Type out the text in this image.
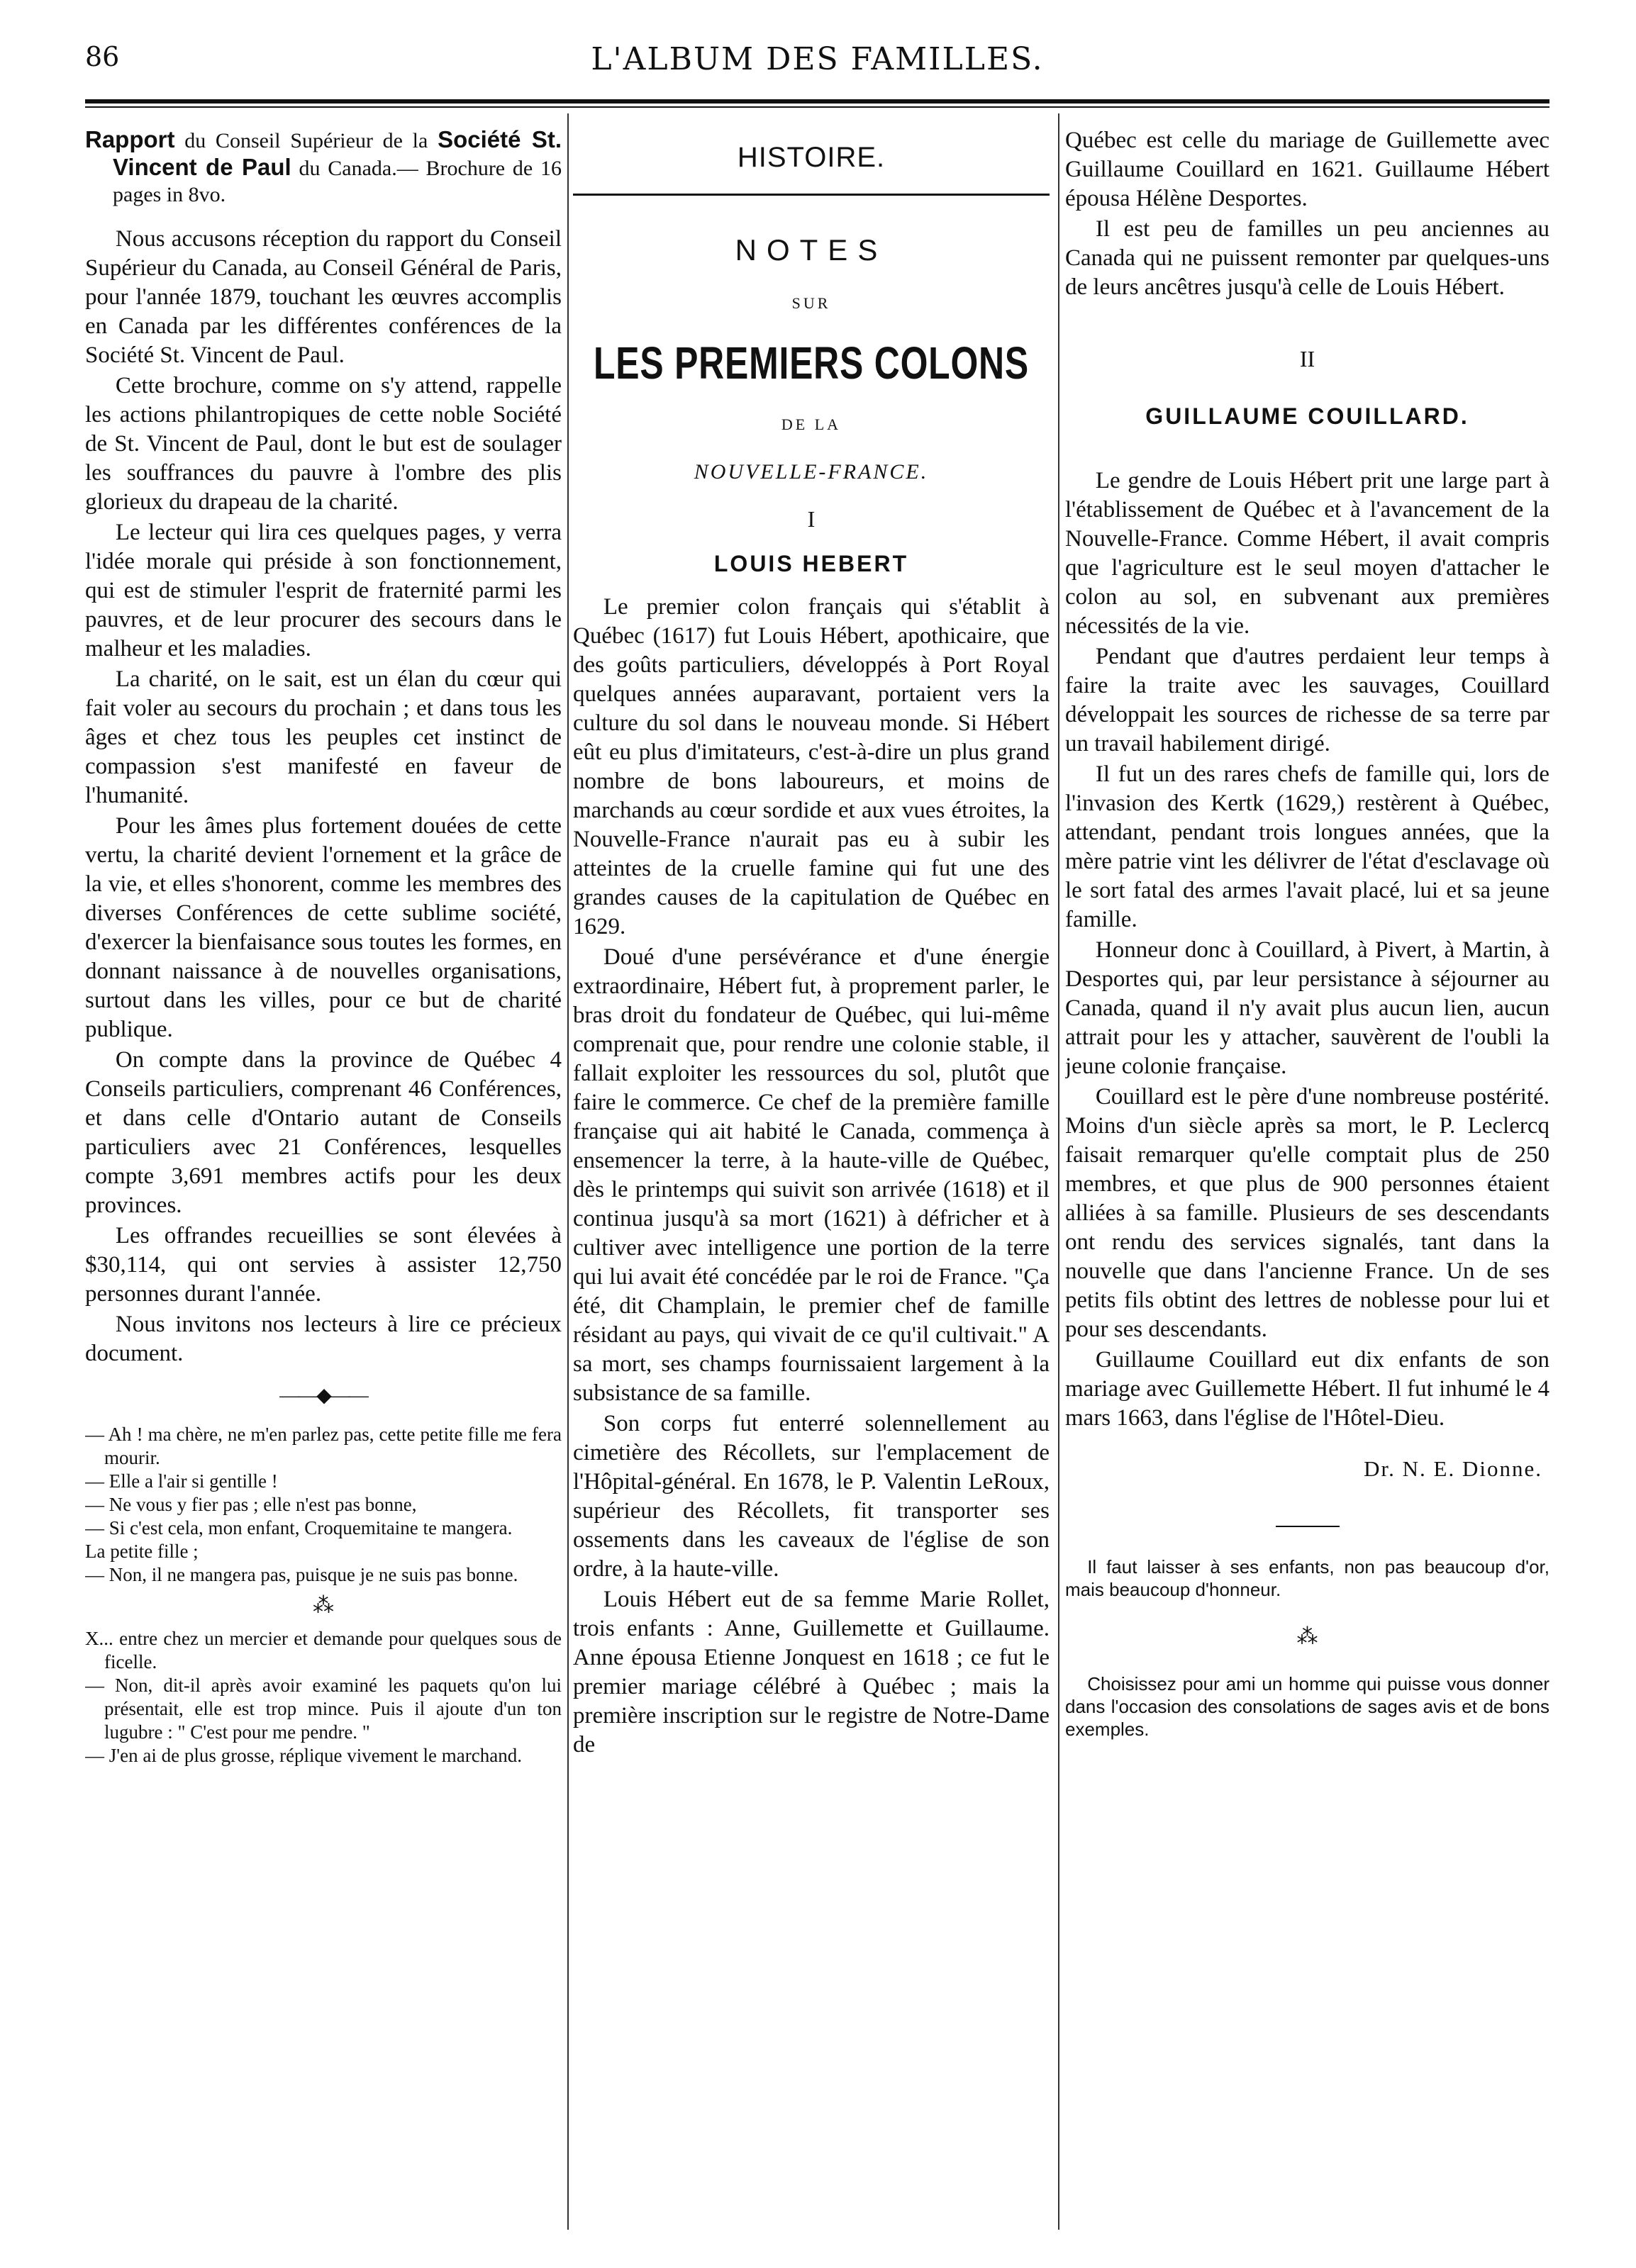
86	L'ALBUM DES FAMILLES.
Rapport du Conseil Supérieur de la Société St. Vincent de Paul du Canada.— Brochure de 16 pages in 8vo.

Nous accusons réception du rapport du Conseil Supérieur du Canada, au Conseil Général de Paris, pour l'année 1879, touchant les œuvres accomplis en Canada par les différentes conférences de la Société St. Vincent de Paul.

Cette brochure, comme on s'y attend, rappelle les actions philantropiques de cette noble Société de St. Vincent de Paul, dont le but est de soulager les souffrances du pauvre à l'ombre des plis glorieux du drapeau de la charité.

Le lecteur qui lira ces quelques pages, y verra l'idée morale qui préside à son fonctionnement, qui est de stimuler l'esprit de fraternité parmi les pauvres, et de leur procurer des secours dans le malheur et les maladies.

La charité, on le sait, est un élan du cœur qui fait voler au secours du prochain ; et dans tous les âges et chez tous les peuples cet instinct de compassion s'est manifesté en faveur de l'humanité.

Pour les âmes plus fortement douées de cette vertu, la charité devient l'ornement et la grâce de la vie, et elles s'honorent, comme les membres des diverses Conférences de cette sublime société, d'exercer la bienfaisance sous toutes les formes, en donnant naissance à de nouvelles organisations, surtout dans les villes, pour ce but de charité publique.

On compte dans la province de Québec 4 Conseils particuliers, comprenant 46 Conférences, et dans celle d'Ontario autant de Conseils particuliers avec 21 Conférences, lesquelles compte 3,691 membres actifs pour les deux provinces.

Les offrandes recueillies se sont élevées à $30,114, qui ont servies à assister 12,750 personnes durant l'année.

Nous invitons nos lecteurs à lire ce précieux document.

——◆——

— Ah ! ma chère, ne m'en parlez pas, cette petite fille me fera mourir.

— Elle a l'air si gentille !

— Ne vous y fier pas ; elle n'est pas bonne,

— Si c'est cela, mon enfant, Croquemitaine te mangera.

La petite fille ;

— Non, il ne mangera pas, puisque je ne suis pas bonne.

⁂

X... entre chez un mercier et demande pour quelques sous de ficelle.

— Non, dit-il après avoir examiné les paquets qu'on lui présentait, elle est trop mince. Puis il ajoute d'un ton lugubre : " C'est pour me pendre. "

— J'en ai de plus grosse, réplique vivement le marchand.

HISTOIRE.
NOTES
SUR
LES PREMIERS COLONS
DE LA
NOUVELLE-FRANCE.
I
LOUIS HEBERT

Le premier colon français qui s'établit à Québec (1617) fut Louis Hébert, apothicaire, que des goûts particuliers, développés à Port Royal quelques années auparavant, portaient vers la culture du sol dans le nouveau monde. Si Hébert eût eu plus d'imitateurs, c'est-à-dire un plus grand nombre de bons laboureurs, et moins de marchands au cœur sordide et aux vues étroites, la Nouvelle-France n'aurait pas eu à subir les atteintes de la cruelle famine qui fut une des grandes causes de la capitulation de Québec en 1629.

Doué d'une persévérance et d'une énergie extraordinaire, Hébert fut, à proprement parler, le bras droit du fondateur de Québec, qui lui-même comprenait que, pour rendre une colonie stable, il fallait exploiter les ressources du sol, plutôt que faire le commerce. Ce chef de la première famille française qui ait habité le Canada, commença à ensemencer la terre, à la haute-ville de Québec, dès le printemps qui suivit son arrivée (1618) et il continua jusqu'à sa mort (1621) à défricher et à cultiver avec intelligence une portion de la terre qui lui avait été concédée par le roi de France. "Ça été, dit Champlain, le premier chef de famille résidant au pays, qui vivait de ce qu'il cultivait." A sa mort, ses champs fournissaient largement à la subsistance de sa famille.

Son corps fut enterré solennellement au cimetière des Récollets, sur l'emplacement de l'Hôpital-général. En 1678, le P. Valentin LeRoux, supérieur des Récollets, fit transporter ses ossements dans les caveaux de l'église de son ordre, à la haute-ville.

Louis Hébert eut de sa femme Marie Rollet, trois enfants : Anne, Guillemette et Guillaume. Anne épousa Etienne Jonquest en 1618 ; ce fut le premier mariage célébré à Québec ; mais la première inscription sur le registre de Notre-Dame de

Québec est celle du mariage de Guillemette avec Guillaume Couillard en 1621. Guillaume Hébert épousa Hélène Desportes.

Il est peu de familles un peu anciennes au Canada qui ne puissent remonter par quelques-uns de leurs ancêtres jusqu'à celle de Louis Hébert.

II
GUILLAUME COUILLARD.

Le gendre de Louis Hébert prit une large part à l'établissement de Québec et à l'avancement de la Nouvelle-France. Comme Hébert, il avait compris que l'agriculture est le seul moyen d'attacher le colon au sol, en subvenant aux premières nécessités de la vie.

Pendant que d'autres perdaient leur temps à faire la traite avec les sauvages, Couillard développait les sources de richesse de sa terre par un travail habilement dirigé.

Il fut un des rares chefs de famille qui, lors de l'invasion des Kertk (1629,) restèrent à Québec, attendant, pendant trois longues années, que la mère patrie vint les délivrer de l'état d'esclavage où le sort fatal des armes l'avait placé, lui et sa jeune famille.

Honneur donc à Couillard, à Pivert, à Martin, à Desportes qui, par leur persistance à séjourner au Canada, quand il n'y avait plus aucun lien, aucun attrait pour les y attacher, sauvèrent de l'oubli la jeune colonie française.

Couillard est le père d'une nombreuse postérité. Moins d'un siècle après sa mort, le P. Leclercq faisait remarquer qu'elle comptait plus de 250 membres, et que plus de 900 personnes étaient alliées à sa famille. Plusieurs de ses descendants ont rendu des services signalés, tant dans la nouvelle que dans l'ancienne France. Un de ses petits fils obtint des lettres de noblesse pour lui et pour ses descendants.

Guillaume Couillard eut dix enfants de son mariage avec Guillemette Hébert. Il fut inhumé le 4 mars 1663, dans l'église de l'Hôtel-Dieu.

Dr. N. E. Dionne.

Il faut laisser à ses enfants, non pas beaucoup d'or, mais beaucoup d'honneur.

⁂

Choisissez pour ami un homme qui puisse vous donner dans l'occasion des consolations de sages avis et de bons exemples.
